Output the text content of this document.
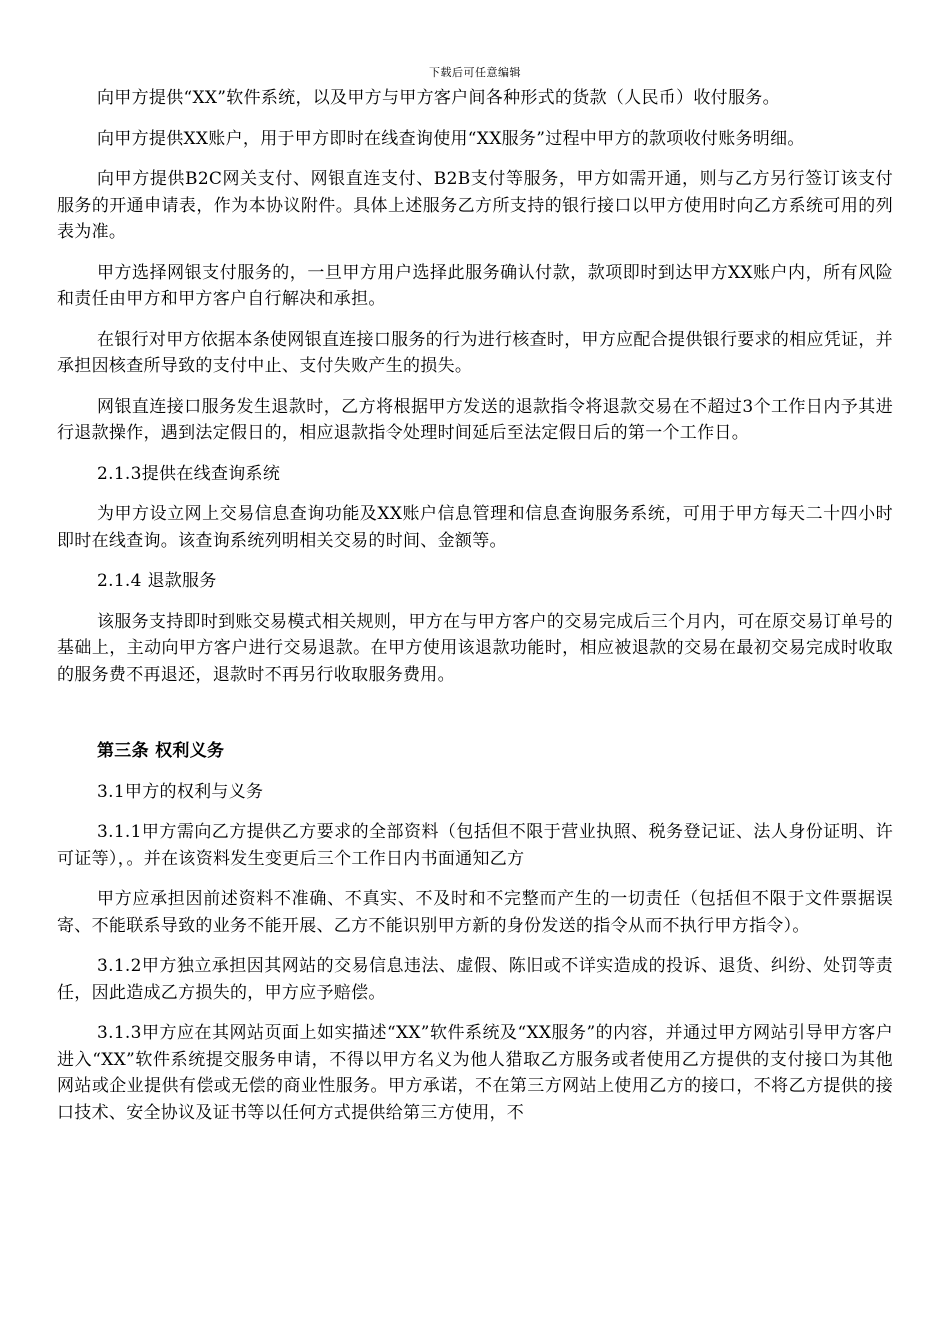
下载后可任意编辑

向甲方提供“XX”软件系统，以及甲方与甲方客户间各种形式的货款（人民币）收付服务。

向甲方提供XX账户，用于甲方即时在线查询使用“XX服务”过程中甲方的款项收付账务明细。

向甲方提供B2C网关支付、网银直连支付、B2B支付等服务，甲方如需开通，则与乙方另行签订该支付服务的开通申请表，作为本协议附件。具体上述服务乙方所支持的银行接口以甲方使用时向乙方系统可用的列表为准。

甲方选择网银支付服务的，一旦甲方用户选择此服务确认付款，款项即时到达甲方XX账户内，所有风险和责任由甲方和甲方客户自行解决和承担。

在银行对甲方依据本条使网银直连接口服务的行为进行核查时，甲方应配合提供银行要求的相应凭证，并承担因核查所导致的支付中止、支付失败产生的损失。

网银直连接口服务发生退款时，乙方将根据甲方发送的退款指令将退款交易在不超过3个工作日内予其进行退款操作，遇到法定假日的，相应退款指令处理时间延后至法定假日后的第一个工作日。

2.1.3提供在线查询系统

为甲方设立网上交易信息查询功能及XX账户信息管理和信息查询服务系统，可用于甲方每天二十四小时即时在线查询。该查询系统列明相关交易的时间、金额等。

2.1.4 退款服务

该服务支持即时到账交易模式相关规则，甲方在与甲方客户的交易完成后三个月内，可在原交易订单号的基础上，主动向甲方客户进行交易退款。在甲方使用该退款功能时，相应被退款的交易在最初交易完成时收取的服务费不再退还，退款时不再另行收取服务费用。

第三条 权利义务

3.1甲方的权利与义务

3.1.1甲方需向乙方提供乙方要求的全部资料（包括但不限于营业执照、税务登记证、法人身份证明、许可证等），。并在该资料发生变更后三个工作日内书面通知乙方

甲方应承担因前述资料不准确、不真实、不及时和不完整而产生的一切责任（包括但不限于文件票据误寄、不能联系导致的业务不能开展、乙方不能识别甲方新的身份发送的指令从而不执行甲方指令）。

3.1.2甲方独立承担因其网站的交易信息违法、虚假、陈旧或不详实造成的投诉、退货、纠纷、处罚等责任，因此造成乙方损失的，甲方应予赔偿。

3.1.3甲方应在其网站页面上如实描述“XX”软件系统及“XX服务”的内容，并通过甲方网站引导甲方客户进入“XX”软件系统提交服务申请，不得以甲方名义为他人猎取乙方服务或者使用乙方提供的支付接口为其他网站或企业提供有偿或无偿的商业性服务。甲方承诺，不在第三方网站上使用乙方的接口，不将乙方提供的接口技术、安全协议及证书等以任何方式提供给第三方使用，不
